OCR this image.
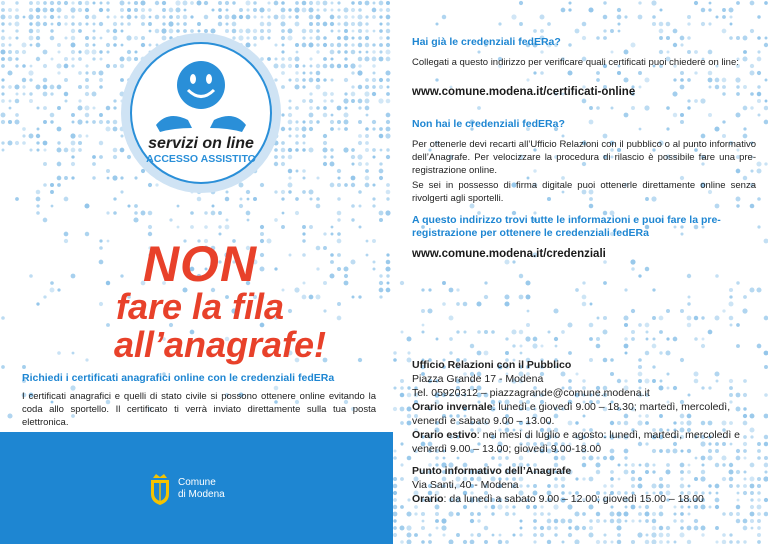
servizi on line
ACCESSO ASSISTITO
NON
fare la fila
all’anagrafe!
Richiedi i certificati anagrafici online con le credenziali fedERa
I certificati anagrafici e quelli di stato civile si possono ottenere online evitando la coda allo sportello. Il certificato ti verrà inviato direttamente sulla tua posta elettronica.
Comune
di Modena
Hai già le credenziali fedERa?
Collegati a questo indirizzo per verificare quali certificati puoi chiedere on line:
www.comune.modena.it/certificati-online
Non hai le credenziali fedERa?
Per ottenerle devi recarti all’Ufficio Relazioni con il pubblico o al punto informativo dell’Anagrafe. Per velocizzare la procedura di rilascio è possibile fare una pre-registrazione online.
Se sei in possesso di firma digitale puoi ottenerle direttamente online senza rivolgerti agli sportelli.
A questo indirizzo trovi tutte le informazioni e puoi fare la pre-registrazione per ottenere le credenziali fedERa
www.comune.modena.it/credenziali
Ufficio Relazioni con il Pubblico
Piazza Grande 17 - Modena
Tel. 05920312 – piazzagrande@comune.modena.it
Orario invernale: lunedì e giovedì 9.00 – 18.30; martedì, mercoledì, venerdì e sabato 9.00 – 13.00.
Orario estivo: nei mesi di luglio e agosto: lunedì, martedì, mercoledì e venerdì 9.00 – 13.00; giovedì 9.00-18.00
Punto informativo dell’Anagrafe
Via Santi, 40 - Modena
Orario: da lunedì a sabato 9.00 – 12.00; giovedì 15.00 – 18.00
